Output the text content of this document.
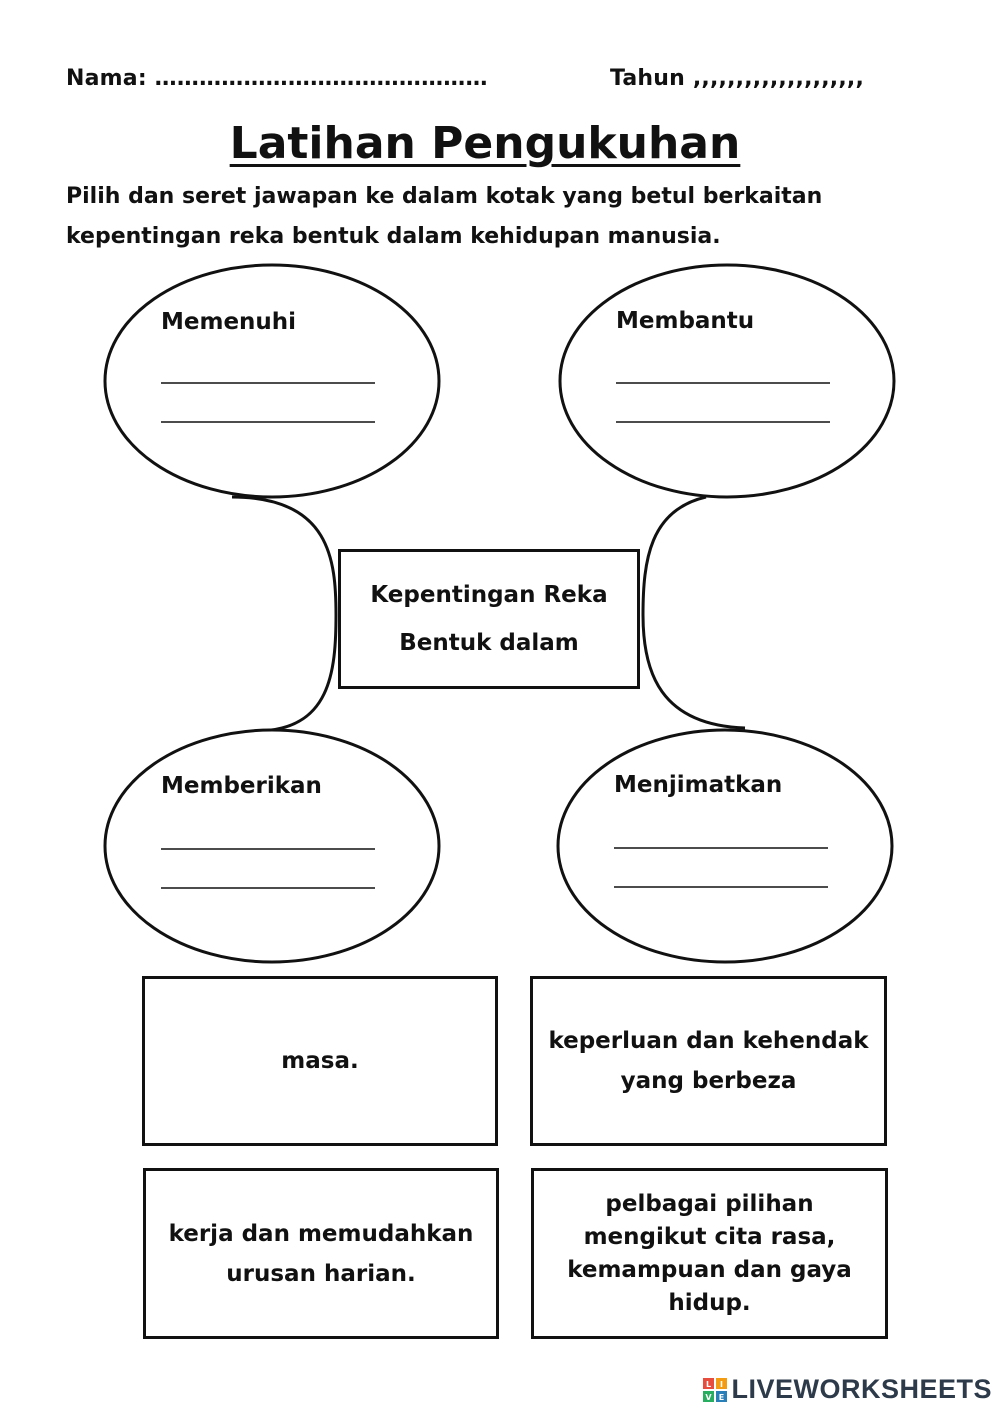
Nama: ………………………………………	Tahun ,,,,,,,,,,,,,,,,,,,,
Latihan Pengukuhan
Pilih dan seret jawapan ke dalam kotak yang betul berkaitan
kepentingan reka bentuk dalam kehidupan manusia.
Memenuhi	Membantu
Memberikan	Menjimatkan
Kepentingan Reka
Bentuk dalam
masa.
keperluan dan kehendak
yang berbeza
kerja dan memudahkan
urusan harian.
pelbagai pilihan
mengikut cita rasa,
kemampuan dan gaya
hidup.
L I
V E LIVEWORKSHEETS
